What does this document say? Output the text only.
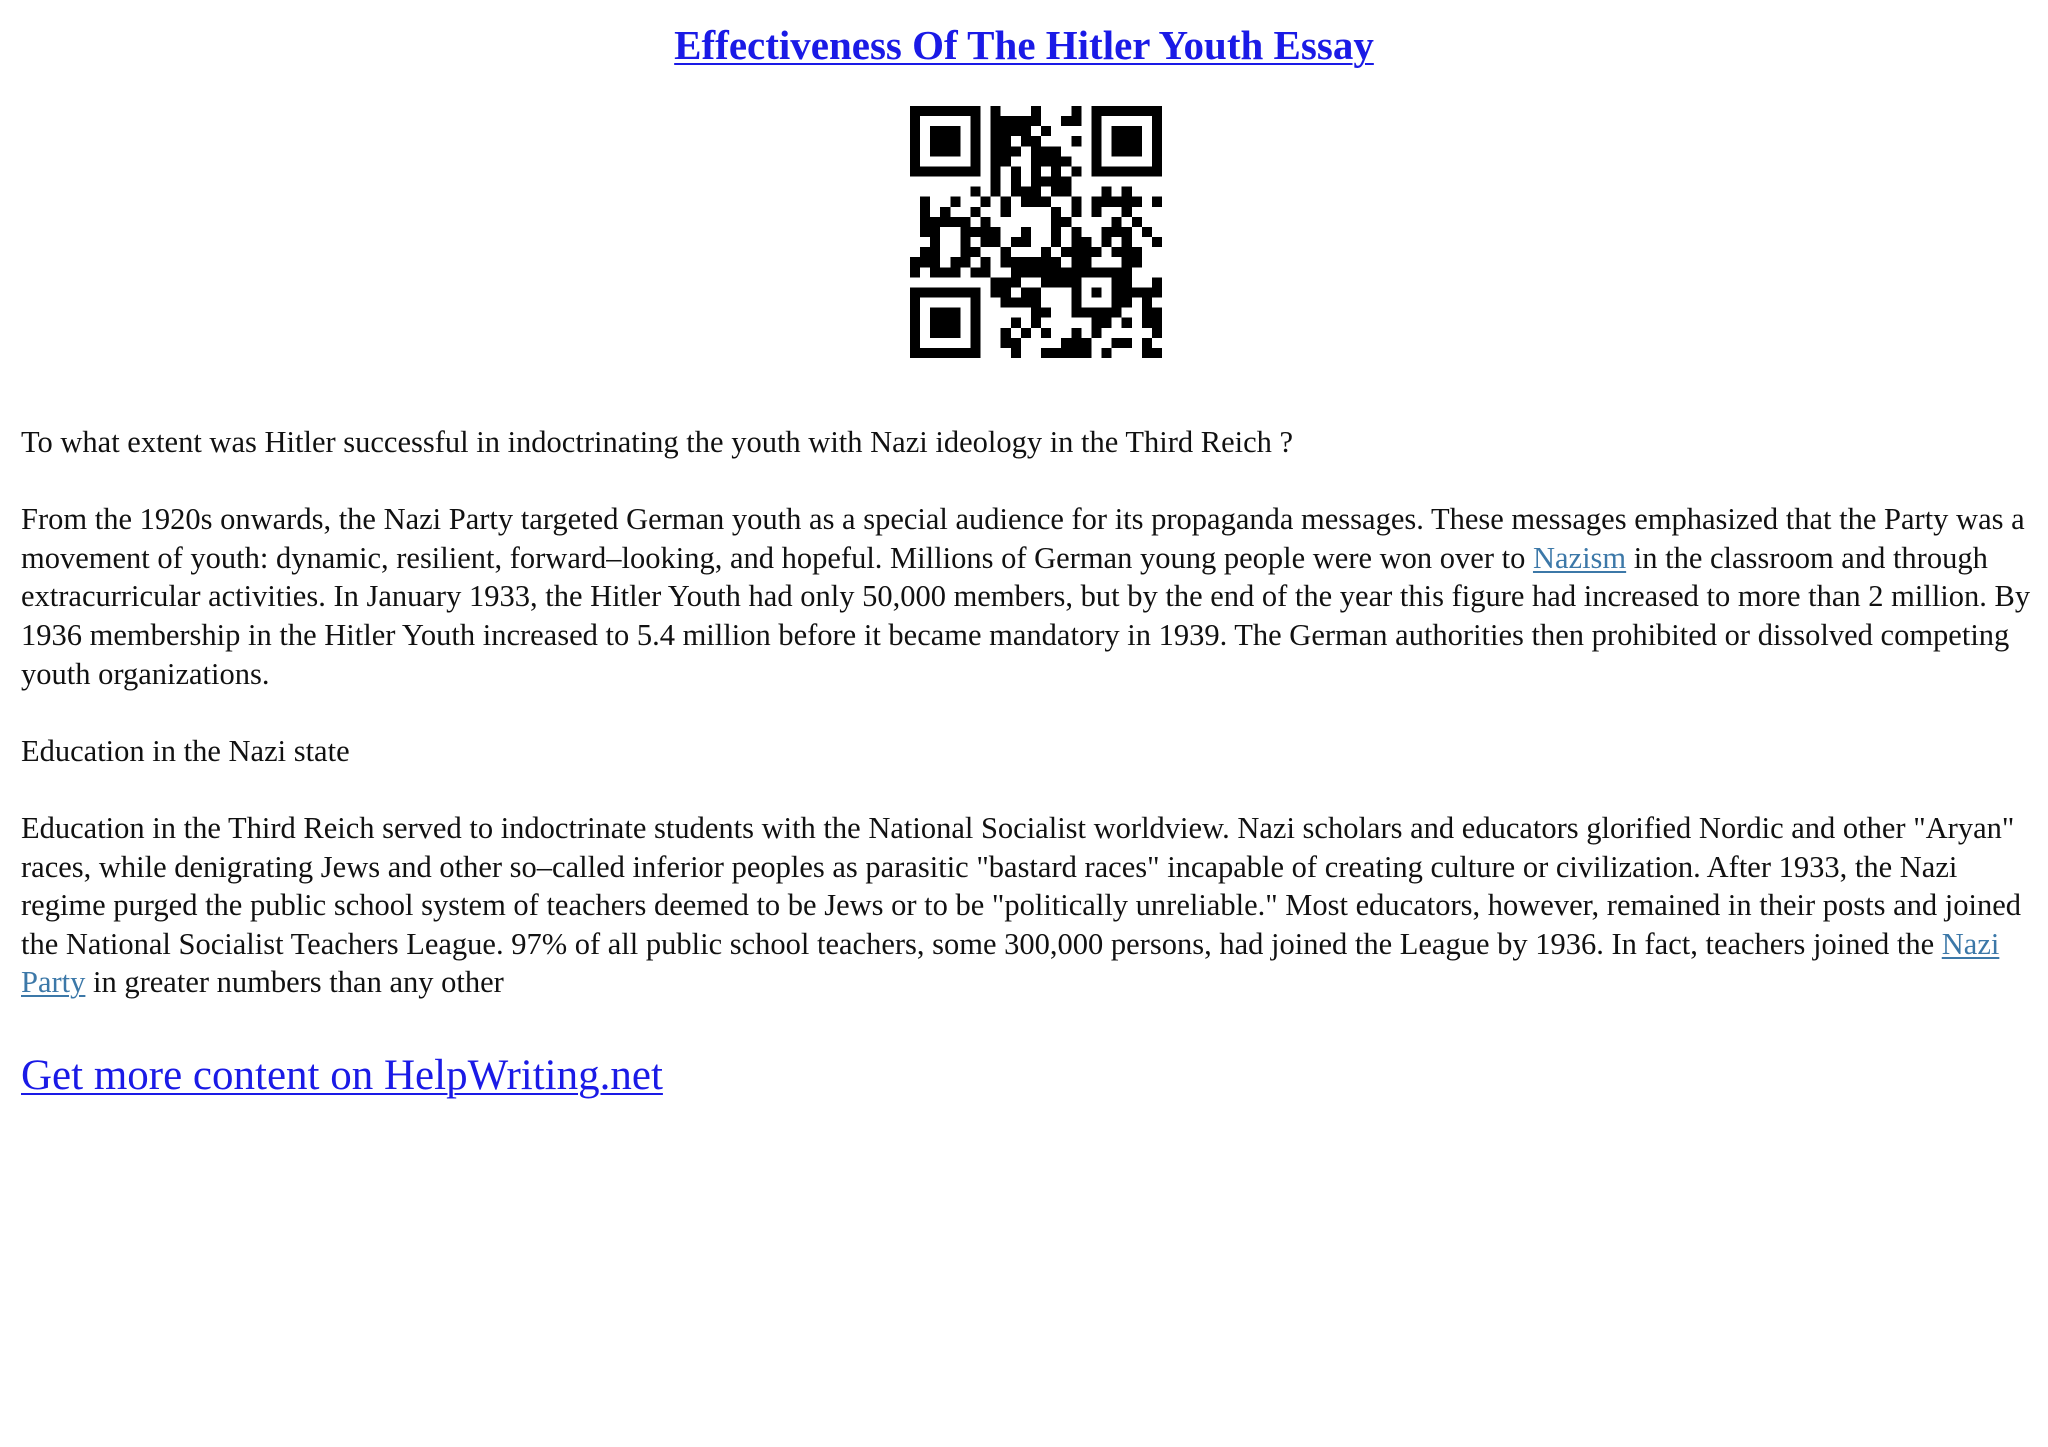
Effectiveness Of The Hitler Youth Essay

To what extent was Hitler successful in indoctrinating the youth with Nazi ideology in the Third Reich ?

From the 1920s onwards, the Nazi Party targeted German youth as a special audience for its propaganda messages. These messages emphasized that the Party was a movement of youth: dynamic, resilient, forward–looking, and hopeful. Millions of German young people were won over to Nazism in the classroom and through extracurricular activities. In January 1933, the Hitler Youth had only 50,000 members, but by the end of the year this figure had increased to more than 2 million. By 1936 membership in the Hitler Youth increased to 5.4 million before it became mandatory in 1939. The German authorities then prohibited or dissolved competing youth organizations.

Education in the Nazi state

Education in the Third Reich served to indoctrinate students with the National Socialist worldview. Nazi scholars and educators glorified Nordic and other "Aryan" races, while denigrating Jews and other so–called inferior peoples as parasitic "bastard races" incapable of creating culture or civilization. After 1933, the Nazi regime purged the public school system of teachers deemed to be Jews or to be "politically unreliable." Most educators, however, remained in their posts and joined the National Socialist Teachers League. 97% of all public school teachers, some 300,000 persons, had joined the League by 1936. In fact, teachers joined the Nazi Party in greater numbers than any other

Get more content on HelpWriting.net
